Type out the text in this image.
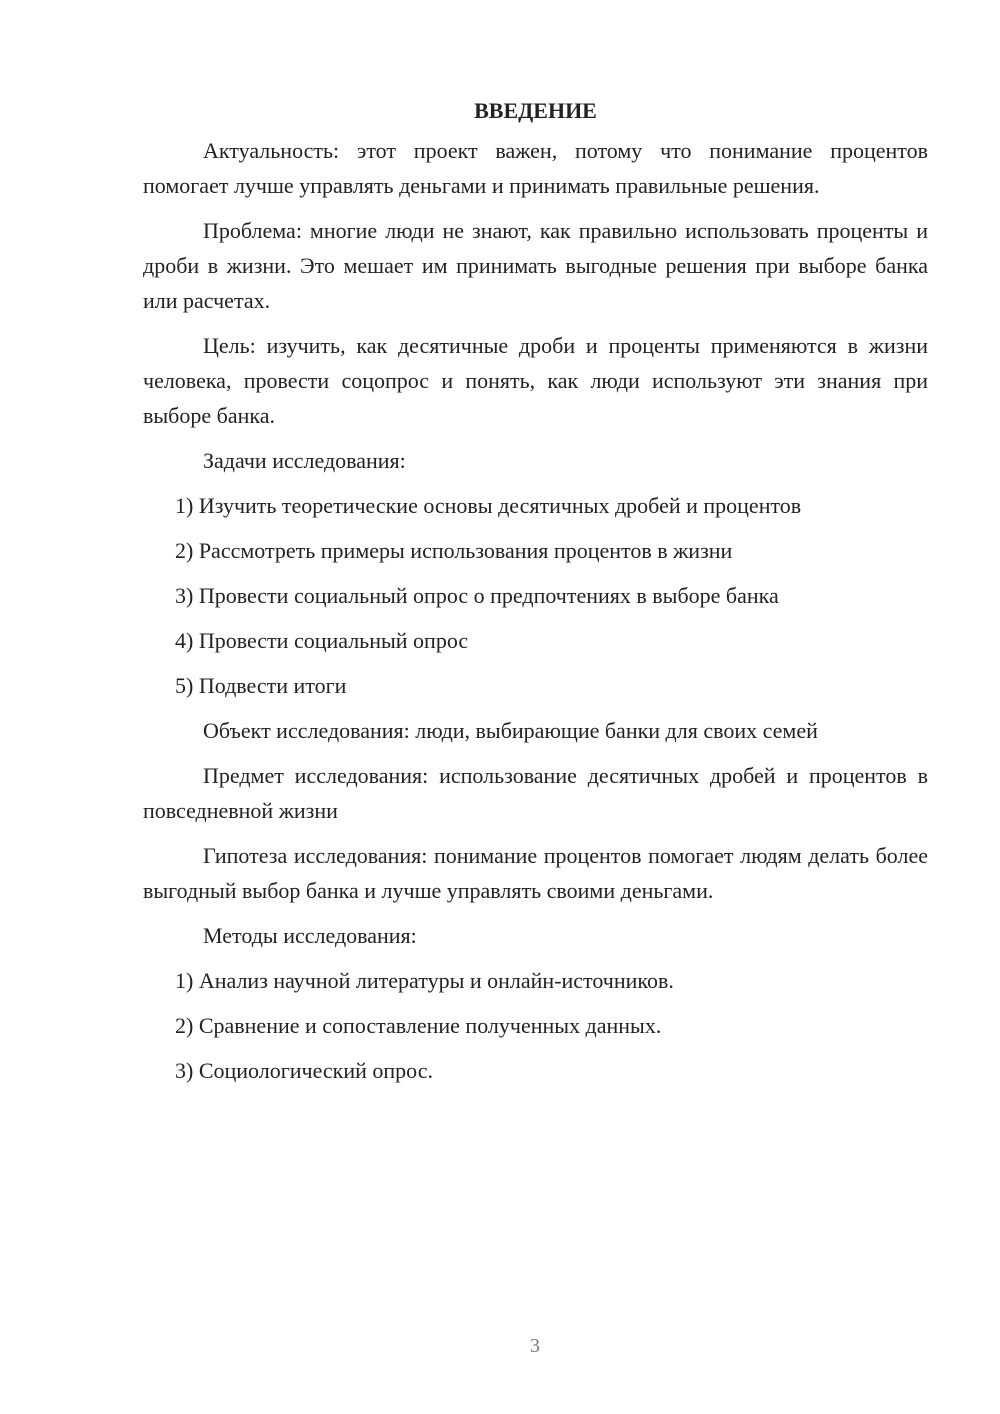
ВВЕДЕНИЕ

Актуальность: этот проект важен, потому что понимание процентов помогает лучше управлять деньгами и принимать правильные решения.

Проблема: многие люди не знают, как правильно использовать проценты и дроби в жизни. Это мешает им принимать выгодные решения при выборе банка или расчетах.

Цель: изучить, как десятичные дроби и проценты применяются в жизни человека, провести соцопрос и понять, как люди используют эти знания при выборе банка.

Задачи исследования:

1) Изучить теоретические основы десятичных дробей и процентов

2) Рассмотреть примеры использования процентов в жизни

3) Провести социальный опрос о предпочтениях в выборе банка

4) Провести социальный опрос

5) Подвести итоги

Объект исследования: люди, выбирающие банки для своих семей

Предмет исследования: использование десятичных дробей и процентов в повседневной жизни

Гипотеза исследования: понимание процентов помогает людям делать более выгодный выбор банка и лучше управлять своими деньгами.

Методы исследования:

1) Анализ научной литературы и онлайн-источников.

2) Сравнение и сопоставление полученных данных.

3) Социологический опрос.

3
